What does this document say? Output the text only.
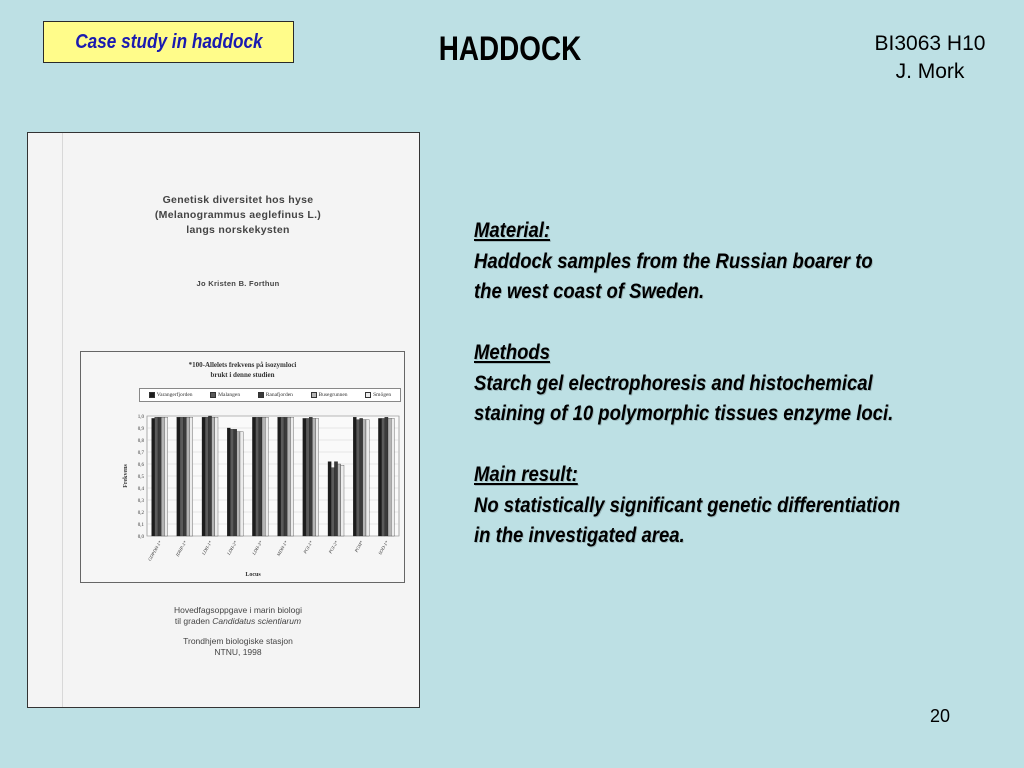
Case study in haddock	HADDOCK	BI3063 H10
J. Mork
Genetisk diversitet hos hyse
(Melanogrammus aeglefinus L.)
langs norskekysten
Jo Kristen B. Forthun
*100-Allelets frekvens på isozymloci
brukt i denne studien
Varangerfjorden	Malangen	Ranafjorden	Busegrunnen	Smögen
0,0
0,1
0,2
0,3
0,4
0,5
0,6
0,7
0,8
0,9
1,0
Frekvens
GDPDH-1*	IDHP-1*	LDH-1*	LDH-2*	LDH-3*	MDH-1*	PGI-1*	PGI-2*	PGM*	SOD-1*
Locus
Hovedfagsoppgave i marin biologi
til graden Candidatus scientiarum
Trondhjem biologiske stasjon
NTNU, 1998
Material:
Haddock samples from the Russian boarer to
the west coast of Sweden.
Methods
Starch gel electrophoresis and histochemical
staining of 10 polymorphic tissues enzyme loci.
Main result:
No statistically significant genetic differentiation
in the investigated area.
20
